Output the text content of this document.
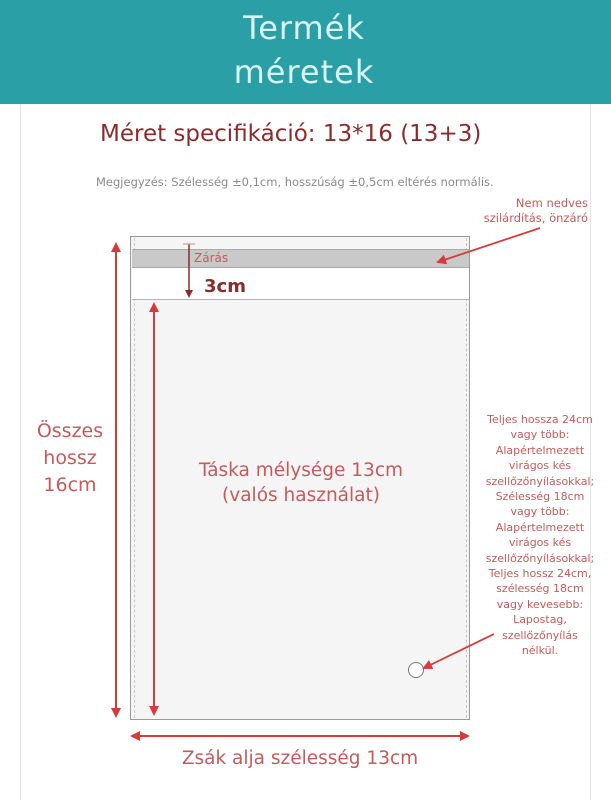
Termék
méretek
Méret specifikáció: 13*16 (13+3)
Megjegyzés: Szélesség ±0,1cm, hosszúság ±0,5cm eltérés normális.
Nem nedves
szilárdítás, önzáró
Zárás
3cm
Táska mélysége 13cm
(valós használat)
Összes
hossz
16cm
Teljes hossza 24cm
vagy több:
Alapértelmezett
virágos kés
szellőzőnyílásokkal;
Szélesség 18cm
vagy több:
Alapértelmezett
virágos kés
szellőzőnyílásokkal;
Teljes hossz 24cm,
szélesség 18cm
vagy kevesebb:
Lapostag,
szellőzőnyílás
nélkül.
Zsák alja szélesség 13cm
